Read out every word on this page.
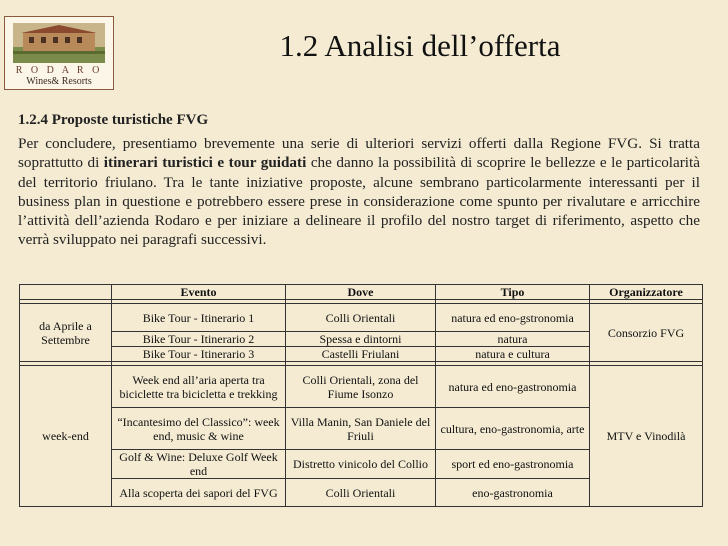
R O D A R O
Wines& Resorts
1.2 Analisi dell’offerta
1.2.4 Proposte turistiche FVG
Per concludere, presentiamo brevemente una serie di ulteriori servizi offerti dalla Regione FVG. Si tratta soprattutto di itinerari turistici e tour guidati che danno la possibilità di scoprire le bellezze e le particolarità del territorio friulano. Tra le tante iniziative proposte, alcune sembrano particolarmente interessanti per il business plan in questione e potrebbero essere prese in considerazione come spunto per rivalutare e arricchire l’attività dell’azienda Rodaro e per iniziare a delineare il profilo del nostro target di riferimento, aspetto che verrà sviluppato nei paragrafi successivi.
	Evento	Dove	Tipo	Organizzatore

da Aprile a Settembre	Bike Tour - Itinerario 1	Colli Orientali	natura ed eno-gstronomia	Consorzio FVG
	Bike Tour - Itinerario 2	Spessa e dintorni	natura	
	Bike Tour - Itinerario 3	Castelli Friulani	natura e cultura	

week-end	Week end all’aria aperta tra biciclette tra bicicletta e trekking	Colli Orientali, zona del Fiume Isonzo	natura ed eno-gastronomia	MTV e Vinodilà
	“Incantesimo del Classico”: week end, music & wine	Villa Manin, San Daniele del Friuli	cultura, eno-gastronomia, arte	
	Golf & Wine: Deluxe Golf Week end	Distretto vinicolo del Collio	sport ed eno-gastronomia	
	Alla scoperta dei sapori del FVG	Colli Orientali	eno-gastronomia	
